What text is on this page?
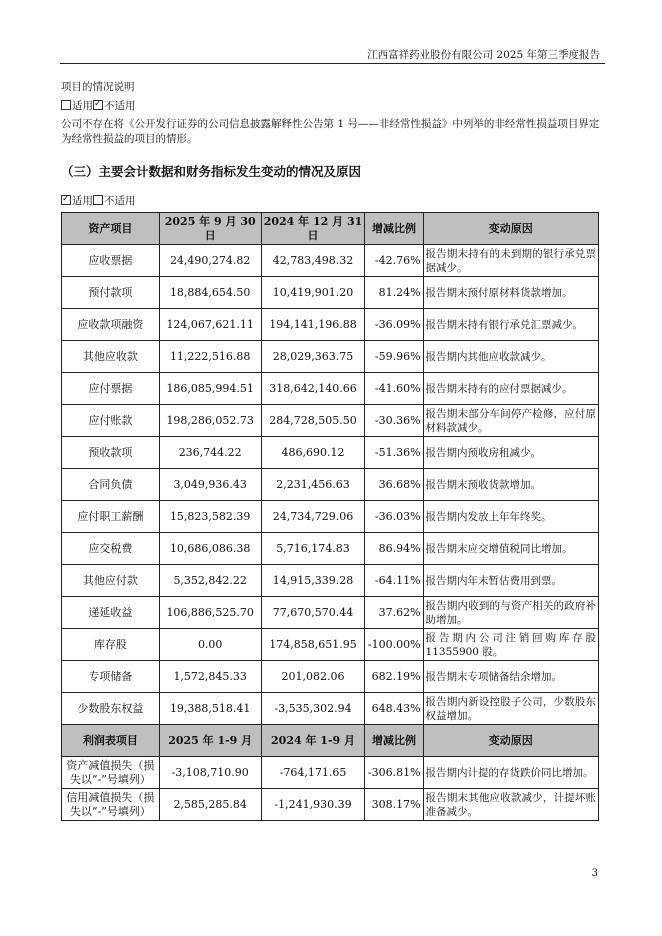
江西富祥药业股份有限公司 2025 年第三季度报告
项目的情况说明
适用 ✓ 不适用
公司不存在将《公开发行证券的公司信息披露解释性公告第 1 号——非经常性损益》中列举的非经常性损益项目界定为经常性损益的项目的情形。
（三）主要会计数据和财务指标发生变动的情况及原因
✓适用 不适用
资产项目	2025 年 9 月 30 日	2024 年 12 月 31 日	增减比例	变动原因
应收票据	24,490,274.82	42,783,498.32	-42.76%	报告期末持有的未到期的银行承兑票据减少。
预付款项	18,884,654.50	10,419,901.20	81.24%	报告期末预付原材料货款增加。
应收款项融资	124,067,621.11	194,141,196.88	-36.09%	报告期末持有银行承兑汇票减少。
其他应收款	11,222,516.88	28,029,363.75	-59.96%	报告期内其他应收款减少。
应付票据	186,085,994.51	318,642,140.66	-41.60%	报告期末持有的应付票据减少。
应付账款	198,286,052.73	284,728,505.50	-30.36%	报告期末部分车间停产检修，应付原材料款减少。
预收款项	236,744.22	486,690.12	-51.36%	报告期内预收房租减少。
合同负债	3,049,936.43	2,231,456.63	36.68%	报告期末预收货款增加。
应付职工薪酬	15,823,582.39	24,734,729.06	-36.03%	报告期内发放上年年终奖。
应交税费	10,686,086.38	5,716,174.83	86.94%	报告期末应交增值税同比增加。
其他应付款	5,352,842.22	14,915,339.28	-64.11%	报告期内年末暂估费用到票。
递延收益	106,886,525.70	77,670,570.44	37.62%	报告期内收到的与资产相关的政府补助增加。
库存股	0.00	174,858,651.95	-100.00%	报告期内公司注销回购库存股11355900 股。
专项储备	1,572,845.33	201,082.06	682.19%	报告期末专项储备结余增加。
少数股东权益	19,388,518.41	-3,535,302.94	648.43%	报告期内新设控股子公司，少数股东权益增加。
利润表项目	2025 年 1-9 月	2024 年 1-9 月	增减比例	变动原因
资产减值损失（损失以“-”号填列）	-3,108,710.90	-764,171.65	-306.81%	报告期内计提的存货跌价同比增加。
信用减值损失（损失以“-”号填列）	2,585,285.84	-1,241,930.39	308.17%	报告期末其他应收款减少，计提坏账准备减少。
3
